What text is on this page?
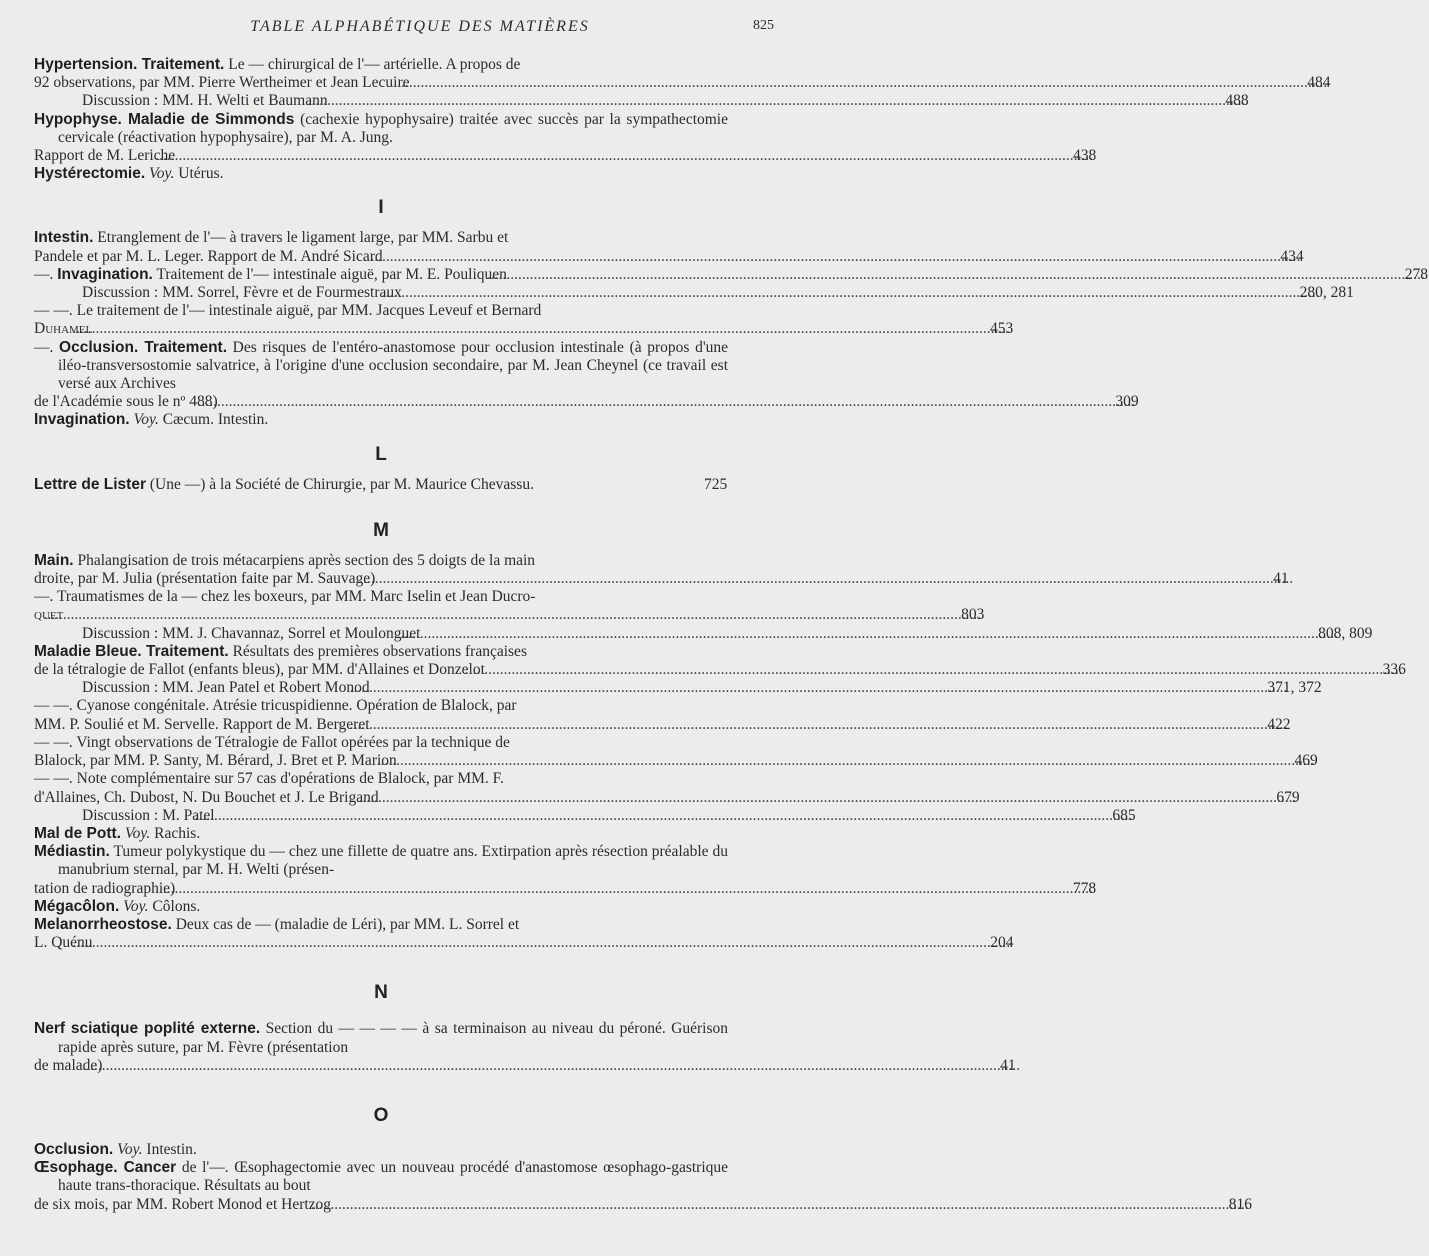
TABLE ALPHABÉTIQUE DES MATIÈRES	825
Hypertension. Traitement. Le — chirurgical de l'— artérielle. A propos de
92 observations, par MM. Pierre Wertheimer et Jean Lecuire .....	484
Discussion : MM. H. Welti et Baumann .....	488
Hypophyse. Maladie de Simmonds (cachexie hypophysaire) traitée avec succès par la sympathectomie cervicale (réactivation hypophysaire), par M. A. Jung.
Rapport de M. Leriche .....	438
Hystérectomie. Voy. Utérus.
I
Intestin. Etranglement de l'— à travers le ligament large, par MM. Sarbu et
Pandele et par M. L. Leger. Rapport de M. André Sicard .....	434
—. Invagination. Traitement de l'— intestinale aiguë, par M. E. Pouliquen .....	278
Discussion : MM. Sorrel, Fèvre et de Fourmestraux .....	280, 281
— —. Le traitement de l'— intestinale aiguë, par MM. Jacques Leveuf et Bernard
Duhamel .....	453
—. Occlusion. Traitement. Des risques de l'entéro-anastomose pour occlusion intestinale (à propos d'une iléo-transversostomie salvatrice, à l'origine d'une occlusion secondaire, par M. Jean Cheynel (ce travail est versé aux Archives
de l'Académie sous le nº 488) .....	309
Invagination. Voy. Cæcum. Intestin.
L
Lettre de Lister (Une —) à la Société de Chirurgie, par M. Maurice Chevassu.	725
M
Main. Phalangisation de trois métacarpiens après section des 5 doigts de la main
droite, par M. Julia (présentation faite par M. Sauvage) .....	41
—. Traumatismes de la — chez les boxeurs, par MM. Marc Iselin et Jean Ducro-
quet .....	803
Discussion : MM. J. Chavannaz, Sorrel et Moulonguet .....	808, 809
Maladie Bleue. Traitement. Résultats des premières observations françaises
de la tétralogie de Fallot (enfants bleus), par MM. d'Allaines et Donzelot .....	336
Discussion : MM. Jean Patel et Robert Monod .....	371, 372
— —. Cyanose congénitale. Atrésie tricuspidienne. Opération de Blalock, par
MM. P. Soulié et M. Servelle. Rapport de M. Bergeret .....	422
— —. Vingt observations de Tétralogie de Fallot opérées par la technique de
Blalock, par MM. P. Santy, M. Bérard, J. Bret et P. Marion .....	469
— —. Note complémentaire sur 57 cas d'opérations de Blalock, par MM. F.
d'Allaines, Ch. Dubost, N. Du Bouchet et J. Le Brigand .....	679
Discussion : M. Patel .....	685
Mal de Pott. Voy. Rachis.
Médiastin. Tumeur polykystique du — chez une fillette de quatre ans. Extirpation après résection préalable du manubrium sternal, par M. H. Welti (présen-
tation de radiographie) .....	778
Mégacôlon. Voy. Côlons.
Melanorrheostose. Deux cas de — (maladie de Léri), par MM. L. Sorrel et
L. Quénu .....	204
N
Nerf sciatique poplité externe. Section du — — — — à sa terminaison au niveau du péroné. Guérison rapide après suture, par M. Fèvre (présentation
de malade) .....	41
O
Occlusion. Voy. Intestin.
Œsophage. Cancer de l'—. Œsophagectomie avec un nouveau procédé d'anastomose œsophago-gastrique haute trans-thoracique. Résultats au bout
de six mois, par MM. Robert Monod et Hertzog .....	816
